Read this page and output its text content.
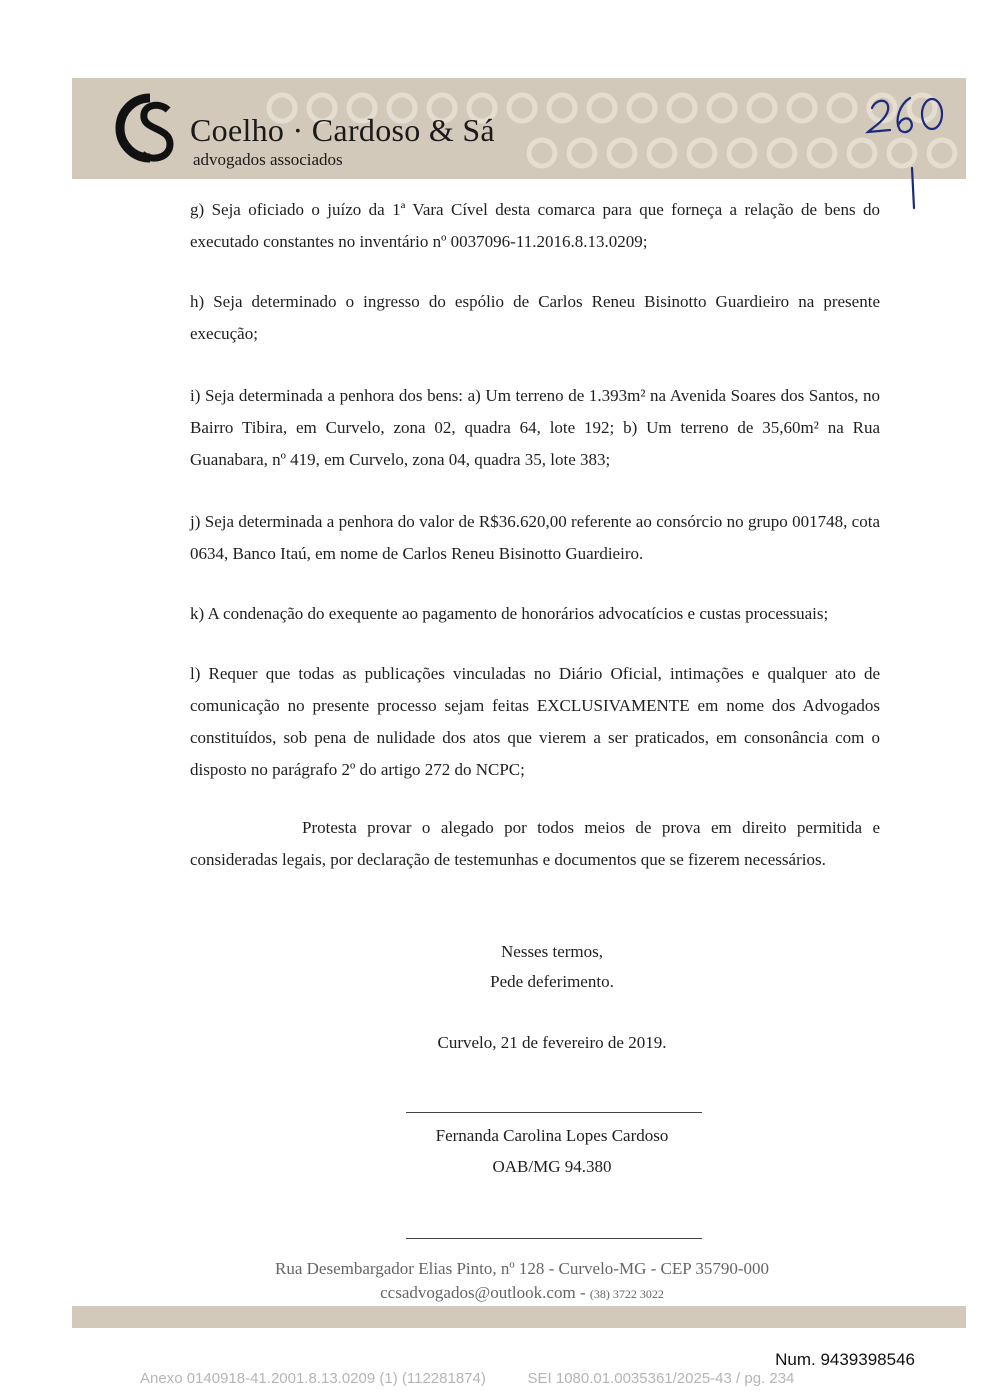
Coelho · Cardoso & Sá
advogados associados
g) Seja oficiado o juízo da 1ª Vara Cível desta comarca para que forneça a relação de bens do executado constantes no inventário nº 0037096-11.2016.8.13.0209;
h) Seja determinado o ingresso do espólio de Carlos Reneu Bisinotto Guardieiro na presente execução;
i) Seja determinada a penhora dos bens: a) Um terreno de 1.393m² na Avenida Soares dos Santos, no Bairro Tibira, em Curvelo, zona 02, quadra 64, lote 192; b) Um terreno de 35,60m² na Rua Guanabara, nº 419, em Curvelo, zona 04, quadra 35, lote 383;
j) Seja determinada a penhora do valor de R$36.620,00 referente ao consórcio no grupo 001748, cota 0634, Banco Itaú, em nome de Carlos Reneu Bisinotto Guardieiro.
k) A condenação do exequente ao pagamento de honorários advocatícios e custas processuais;
l) Requer que todas as publicações vinculadas no Diário Oficial, intimações e qualquer ato de comunicação no presente processo sejam feitas EXCLUSIVAMENTE em nome dos Advogados constituídos, sob pena de nulidade dos atos que vierem a ser praticados, em consonância com o disposto no parágrafo 2º do artigo 272 do NCPC;
Protesta provar o alegado por todos meios de prova em direito permitida e consideradas legais, por declaração de testemunhas e documentos que se fizerem necessários.
Nesses termos,
Pede deferimento.
Curvelo, 21 de fevereiro de 2019.
Fernanda Carolina Lopes Cardoso
OAB/MG 94.380
Rua Desembargador Elias Pinto, nº 128 - Curvelo-MG - CEP 35790-000
ccsadvogados@outlook.com - (38) 3722 3022
Num. 9439398546
Anexo 0140918-41.2001.8.13.0209 (1) (112281874)          SEI 1080.01.0035361/2025-43 / pg. 234
